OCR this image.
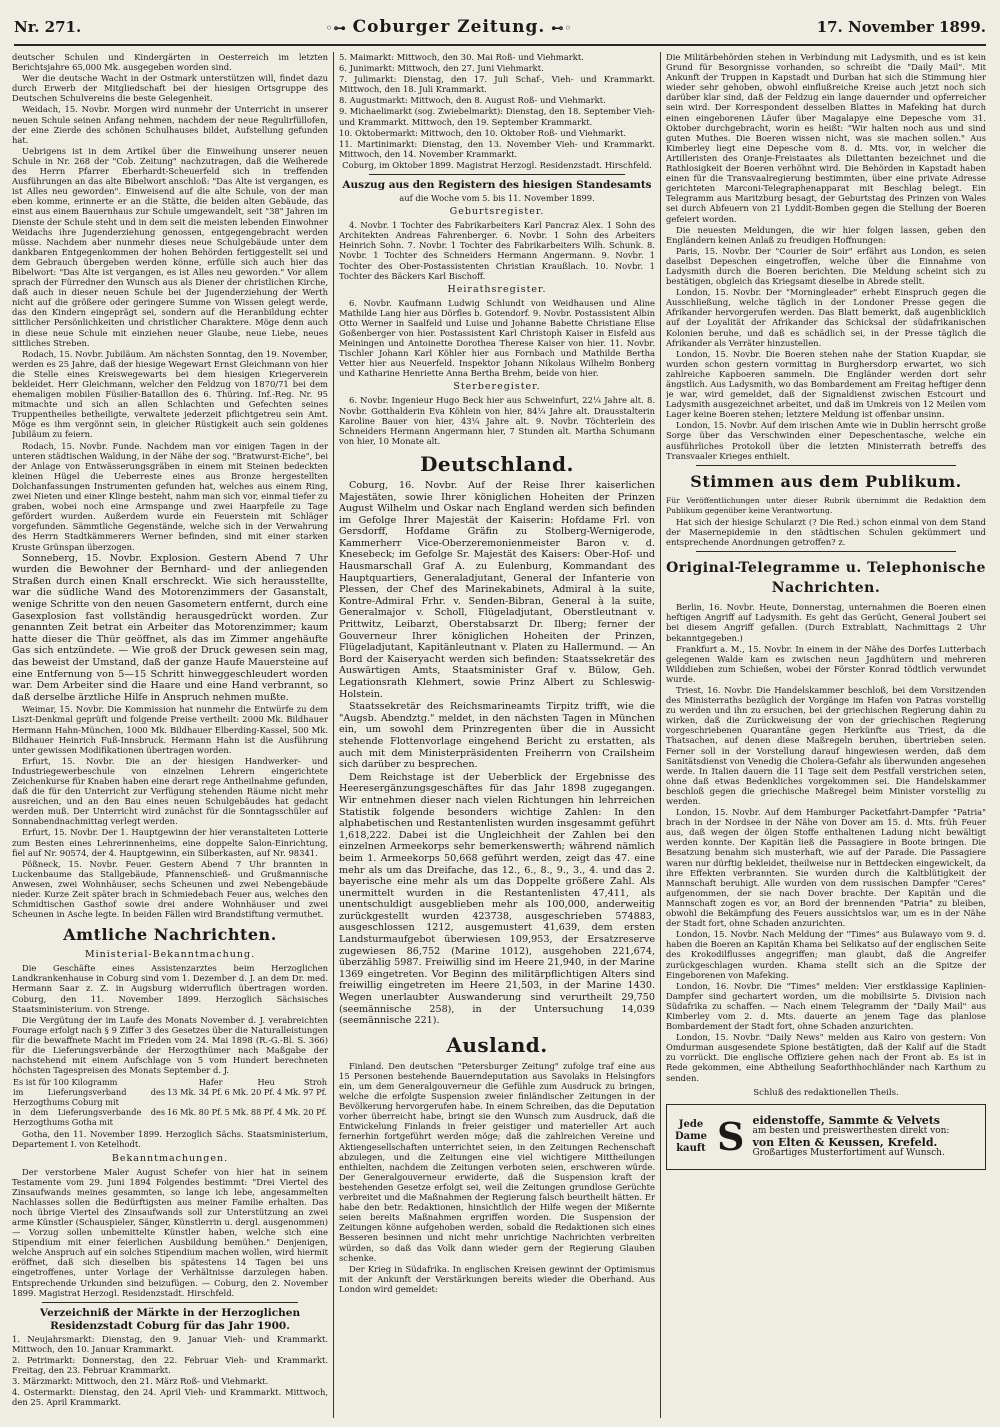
Nr. 271.	◦⊶ Coburger Zeitung. ⊷◦	17. November 1899.

deutscher Schulen und Kindergärten in Oesterreich im letzten Berichtsjahre 65,000 Mk. ausgegeben worden sind.

Wer die deutsche Wacht in der Ostmark unterstützen will, findet dazu durch Erwerb der Mitgliedschaft bei der hiesigen Ortsgruppe des Deutschen Schulvereins die beste Gelegenheit.

Weidach, 15. Novbr. Morgen wird nunmehr der Unterricht in unserer neuen Schule seinen Anfang nehmen, nachdem der neue Regulirfüllofen, der eine Zierde des schönen Schulhauses bildet, Aufstellung gefunden hat.

Uebrigens ist in dem Artikel über die Einweihung unserer neuen Schule in Nr. 268 der "Cob. Zeitung" nachzutragen, daß die Weiherede des Herrn Pfarrer Eberhardt-Scheuerfeld sich in treffenden Ausführungen an das alte Bibelwort anschloß: "Das Alte ist vergangen, es ist Alles neu geworden". Einweisend auf die alte Schule, von der man eben komme, erinnerte er an die Stätte, die beiden alten Gebäude, das einst aus einem Bauernhaus zur Schule umgewandelt, seit "38" Jahren im Dienste der Schule steht und in dem seit die meisten lebenden Einwohner Weidachs ihre Jugenderziehung genossen, entgegengebracht werden müsse. Nachdem aber nunmehr dieses neue Schulgebäude unter dem dankbaren Entgegenkommen der hohen Behörden fertiggestellt sei und dem Gebrauch übergeben werden könne, erfülle sich auch hier das Bibelwort: "Das Alte ist vergangen, es ist Alles neu geworden." Vor allem sprach der Fürredner den Wunsch aus als Diener der christlichen Kirche, daß auch in dieser neuen Schule bei der Jugenderziehung der Werth nicht auf die größere oder geringere Summe von Wissen gelegt werde, das den Kindern eingeprägt sei, sondern auf die Heranbildung echter sittlicher Persönlichkeiten und christlicher Charaktere. Möge denn auch in diese neue Schule mit einziehen neuer Glaube, neue Liebe, neues sittliches Streben.

Rodach, 15. Novbr. Jubiläum. Am nächsten Sonntag, den 19. November, werden es 25 Jahre, daß der hiesige Wegewart Ernst Gleichmann von hier die Stelle eines Kreiswegewarts bei dem hiesigen Kriegerverein bekleidet. Herr Gleichmann, welcher den Feldzug von 1870/71 bei dem ehemaligen mobilen Füsilier-Bataillon des 6. Thüring. Inf.-Reg. Nr. 95 mitmachte und sich an allen Schlachten und Gefechten seines Truppentheiles betheiligte, verwaltete jederzeit pflichtgetreu sein Amt. Möge es ihm vergönnt sein, in gleicher Rüstigkeit auch sein goldenes Jubiläum zu feiern.

Rodach, 15. Novbr. Funde. Nachdem man vor einigen Tagen in der unteren städtischen Waldung, in der Nähe der sog. "Bratwurst-Eiche", bei der Anlage von Entwässerungsgräben in einem mit Steinen bedeckten kleinen Hügel die Ueberreste eines aus Bronze hergestellten Dolchanfassungen Instrumenten gefunden hat, welches aus einem Ring, zwei Nieten und einer Klinge besteht, nahm man sich vor, einmal tiefer zu graben, wobei noch eine Armspange und zwei Haarpfeile zu Tage gefördert wurden. Außerdem wurde ein Feuerstein mit Schläger vorgefunden. Sämmtliche Gegenstände, welche sich in der Verwahrung des Herrn Stadtkämmerers Werner befinden, sind mit einer starken Kruste Grünspan überzogen.

Sonneberg, 15. Novbr. Explosion. Gestern Abend 7 Uhr wurden die Bewohner der Bernhard- und der anliegenden Straßen durch einen Knall erschreckt. Wie sich herausstellte, war die südliche Wand des Motorenzimmers der Gasanstalt, wenige Schritte von den neuen Gasometern entfernt, durch eine Gasexplosion fast vollständig herausgedrückt worden. Zur genannten Zeit betrat ein Arbeiter das Motorenzimmer; kaum hatte dieser die Thür geöffnet, als das im Zimmer angehäufte Gas sich entzündete. — Wie groß der Druck gewesen sein mag, das beweist der Umstand, daß der ganze Haufe Mauersteine auf eine Entfernung von 5—15 Schritt hinweggeschleudert worden war. Dem Arbeiter sind die Haare und eine Hand verbrannt, so daß derselbe ärztliche Hilfe in Anspruch nehmen mußte.

Weimar, 15. Novbr. Die Kommission hat nunmehr die Entwürfe zu dem Liszt-Denkmal geprüft und folgende Preise vertheilt: 2000 Mk. Bildhauer Hermann Hahn-München, 1000 Mk. Bildhauer Elberding-Kassel, 500 Mk. Bildhauer Heinrich Fuß-Innsbruck. Hermann Hahn ist die Ausführung unter gewissen Modifikationen übertragen worden.

Erfurt, 15. Novbr. Die an der hiesigen Handwerker- und Industriegewerbeschule von einzelnen Lehrern eingerichtete Zeichenkurse für Knaben haben eine derart rege Antheilnahme gefunden, daß die für den Unterricht zur Verfügung stehenden Räume nicht mehr ausreichen, und an den Bau eines neuen Schulgebäudes hat gedacht werden muß. Der Unterricht wird zunächst für die Sonntagsschüler auf Sonnabendnachmittag verlegt werden.

Erfurt, 15. Novbr. Der 1. Hauptgewinn der hier veranstalteten Lotterie zum Besten eines Lehrerinnenheims, eine doppelte Salon-Einrichtung, fiel auf Nr. 90574, der 4. Hauptgewinn, ein Silberkasten, auf Nr. 98341.

Pößneck, 15. Novbr. Feuer. Gestern Abend 7 Uhr brannten in Luckenbaume das Stallgebäude, Pfannenschieß- und Grußmannische Anwesen, zwei Wohnhäuser, sechs Scheunen und zwei Nebengebäude nieder. Kurze Zeit später brach in Schmiedebach Feuer aus, welches den Schmidtischen Gasthof sowie drei andere Wohnhäuser und zwei Scheunen in Asche legte. In beiden Fällen wird Brandstiftung vermuthet.

Amtliche Nachrichten.
Ministerial-Bekanntmachung.

Die Geschäfte eines Assistenzarztes beim Herzoglichen Landkrankenhause in Coburg sind vom 1. Dezember d. J. an dem Dr. med. Hermann Saar z. Z. in Augsburg widerruflich übertragen worden. Coburg, den 11. November 1899. Herzoglich Sächsisches Staatsministerium. von Strenge.

Die Vergütung der im Laufe des Monats November d. J. verabreichten Fourage erfolgt nach § 9 Ziffer 3 des Gesetzes über die Naturalleistungen für die bewaffnete Macht im Frieden vom 24. Mai 1898 (R.-G.-Bl. S. 366) für die Lieferungsverbände der Herzogthümer nach Maßgabe der nachstehend mit einem Aufschlage von 5 vom Hundert berechneten höchsten Tagespreisen des Monats September d. J.

Es ist für 100 Kilogramm	Hafer	Heu	Stroh
im Lieferungsverband des Herzogthums Coburg mit	13 Mk. 34 Pf.	6 Mk. 20 Pf.	4 Mk. 97 Pf.
in dem Lieferungsverbande des Herzogthums Gotha mit	16 Mk. 80 Pf.	5 Mk. 88 Pf.	4 Mk. 20 Pf.

Gotha, den 11. November 1899. Herzoglich Sächs. Staatsministerium, Departement I. von Ketelhodt.

Bekanntmachungen.

Der verstorbene Maler August Schefer von hier hat in seinem Testamente vom 29. Juni 1894 Folgendes bestimmt: "Drei Viertel des Zinsaufwands meines gesammten, so lange ich lebe, angesammelten Nachlasses sollen die Bedürftigsten aus meiner Familie erhalten. Das noch übrige Viertel des Zinsaufwands soll zur Unterstützung an zwei arme Künstler (Schauspieler, Sänger, Künstlerrin u. dergl. ausgenommen) — Vorzug sollen unbemittelte Künstler haben, welche sich eine Stipendium mit einer feierlichen Ausbildung bemühen." Denjenigen, welche Anspruch auf ein solches Stipendium machen wollen, wird hiermit eröffnet, daß sich dieselben bis spätestens 14 Tagen bei uns eingetroffenes, unter Vorlage der Verhältnisse darzulegen haben. Entsprechende Urkunden sind beizufügen. — Coburg, den 2. November 1899. Magistrat Herzogl. Residenzstadt. Hirschfeld.

Verzeichniß der Märkte in der Herzoglichen Residenzstadt Coburg für das Jahr 1900.

1. Neujahrsmarkt: Dienstag, den 9. Januar Vieh- und Krammarkt. Mittwoch, den 10. Januar Krammarkt.

2. Petrimarkt: Donnerstag, den 22. Februar Vieh- und Krammarkt. Freitag, den 23. Februar Krammarkt.

3. Märzmarkt: Mittwoch, den 21. März Roß- und Viehmarkt.

4. Ostermarkt: Dienstag, den 24. April Vieh- und Krammarkt. Mittwoch, den 25. April Krammarkt.

5. Maimarkt: Mittwoch, den 30. Mai Roß- und Viehmarkt.

6. Junimarkt: Mittwoch, den 27. Juni Viehmarkt.

7. Julimarkt: Dienstag, den 17. Juli Schaf-, Vieh- und Krammarkt. Mittwoch, den 18. Juli Krammarkt.

8. Augustmarkt: Mittwoch, den 8. August Roß- und Viehmarkt.

9. Michaelimarkt (sog. Zwiebelmarkt): Dienstag, den 18. September Vieh- und Krammarkt. Mittwoch, den 19. September Krammarkt.

10. Oktobermarkt: Mittwoch, den 10. Oktober Roß- und Viehmarkt.

11. Martinimarkt: Dienstag, den 13. November Vieh- und Krammarkt. Mittwoch, den 14. November Krammarkt.

Coburg, im Oktober 1899. Magistrat Herzogl. Residenzstadt. Hirschfeld.

Auszug aus den Registern des hiesigen Standesamts

auf die Woche vom 5. bis 11. November 1899.

Geburtsregister.

4. Novbr. 1 Tochter des Fabrikarbeiters Karl Pancraz Alex. 1 Sohn des Architekten Andreas Fahrenberger. 6. Novbr. 1 Sohn des Arbeiters Heinrich Sohn. 7. Novbr. 1 Tochter des Fabrikarbeiters Wilh. Schunk. 8. Novbr. 1 Tochter des Schneiders Hermann Angermann. 9. Novbr. 1 Tochter des Ober-Postassistenten Christian Kraußlach. 10. Novbr. 1 Tochter des Bäckers Karl Bischoff.

Heirathsregister.

6. Novbr. Kaufmann Ludwig Schlundt von Weidhausen und Aline Mathilde Lang hier aus Dörfles b. Gotendorf. 9. Novbr. Postassistent Albin Otto Werner in Saalfeld und Luise und Johanne Babette Christiane Elise Goßenberger von hier. Postassistent Karl Christoph Kaiser in Eisfeld aus Meiningen und Antoinette Dorothea Therese Kaiser von hier. 11. Novbr. Tischler Johann Karl Köhler hier aus Fornbach und Mathilde Bertha Vetter hier aus Neuerfeld. Inspektor Johann Nikolaus Wilhelm Bonberg und Katharine Henriette Anna Bertha Brehm, beide von hier.

Sterberegister.

6. Novbr. Ingenieur Hugo Beck hier aus Schweinfurt, 22¼ Jahre alt. 8. Novbr. Gotthalderin Eva Köhlein von hier, 84¼ Jahre alt. Drausstalterin Karoline Bauer von hier, 43¼ Jahre alt. 9. Novbr. Töchterlein des Schneiders Hermann Angermann hier, 7 Stunden alt. Martha Schumann von hier, 10 Monate alt.

Deutschland.

Coburg, 16. Novbr. Auf der Reise Ihrer kaiserlichen Majestäten, sowie Ihrer königlichen Hoheiten der Prinzen August Wilhelm und Oskar nach England werden sich befinden im Gefolge Ihrer Majestät der Kaiserin: Hofdame Frl. von Gersdorff, Hofdame Gräfin zu Stolberg-Wernigerode, Kammerherr Vice-Oberzeremonienmeister Baron v. d. Knesebeck; im Gefolge Sr. Majestät des Kaisers: Ober-Hof- und Hausmarschall Graf A. zu Eulenburg, Kommandant des Hauptquartiers, Generaladjutant, General der Infanterie von Plessen, der Chef des Marinekabinets, Admiral à la suite, Kontre-Admiral Frhr. v. Senden-Bibran, General à la suite, Generalmajor v. Scholl, Flügeladjutant, Oberstleutnant v. Prittwitz, Leibarzt, Oberstabsarzt Dr. Ilberg; ferner der Gouverneur Ihrer königlichen Hoheiten der Prinzen, Flügeladjutant, Kapitänleutnant v. Platen zu Hallermund. — An Bord der Kaiseryacht werden sich befinden: Staatssekretär des Auswärtigen Amts, Staatsminister Graf v. Bülow, Geh. Legationsrath Klehmert, sowie Prinz Albert zu Schleswig-Holstein.

Staatssekretär des Reichsmarineamts Tirpitz trifft, wie die "Augsb. Abendztg." meldet, in den nächsten Tagen in München ein, um sowohl dem Prinzregenten über die in Aussicht stehende Flottenvorlage eingehend Bericht zu erstatten, als auch mit dem Ministerpräsidenten Freiherrn von Crailsheim sich darüber zu besprechen.

Dem Reichstage ist der Ueberblick der Ergebnisse des Heeresergänzungsgeschäftes für das Jahr 1898 zugegangen. Wir entnehmen dieser nach vielen Richtungen hin lehrreichen Statistik folgende besonders wichtige Zahlen: In den alphabetischen und Restantenlisten wurden insgesammt geführt 1,618,222. Dabei ist die Ungleichheit der Zahlen bei den einzelnen Armeekorps sehr bemerkenswerth; während nämlich beim 1. Armeekorps 50,668 geführt werden, zeigt das 47. eine mehr als um das Dreifache, das 12., 6., 8., 9., 3., 4. und das 2. bayerische eine mehr als um das Doppelte größere Zahl. Als unermittelt wurden in die Restantenlisten 47,411, als unentschuldigt ausgeblieben mehr als 100,000, anderweitig zurückgestellt wurden 423738, ausgeschrieben 574883, ausgeschlossen 1212, ausgemustert 41,639, dem ersten Landsturmaufgebot überwiesen 109,953, der Ersatzreserve zugewiesen 86,752 (Marine 1012), ausgehoben 221,674, überzählig 5987. Freiwillig sind im Heere 21,940, in der Marine 1369 eingetreten. Vor Beginn des militärpflichtigen Alters sind freiwillig eingetreten im Heere 21,503, in der Marine 1430. Wegen unerlaubter Auswanderung sind verurtheilt 29,750 (seemännische 258), in der Untersuchung 14,039 (seemännische 221).

Ausland.

Finland. Den deutschen "Petersburger Zeitung" zufolge traf eine aus 15 Personen bestehende Bauerndeputation aus Savolaks in Helsingfors ein, um dem Generalgouverneur die Gefühle zum Ausdruck zu bringen, welche die erfolgte Suspension zweier finländischer Zeitungen in der Bevölkerung hervorgerufen habe. In einem Schreiben, das die Deputation vorher überreicht habe, bringt sie den Wunsch zum Ausdruck, daß die Entwickelung Finlands in freier geistiger und materieller Art auch fernerhin fortgeführt werden möge; daß die zahlreichen Vereine und Aktiengesellschaften unterrichtet seien, in den Zeitungen Rechenschaft abzulegen, und die Zeitungen eine viel wichtigere Mittheilungen enthielten, nachdem die Zeitungen verboten seien, erschweren würde. Der Generalgouverneur erwiderte, daß die Suspension kraft der bestehenden Gesetze erfolgt sei, weil die Zeitungen grundlose Gerüchte verbreitet und die Maßnahmen der Regierung falsch beurtheilt hätten. Er habe den betr. Redaktionen, hinsichtlich der Hilfe wegen der Mißernte seien bereits Maßnahmen ergriffen worden. Die Suspension der Zeitungen könne aufgehoben werden, sobald die Redaktionen sich eines Besseren besinnen und nicht mehr unrichtige Nachrichten verbreiten würden, so daß das Volk dann wieder gern der Regierung Glauben schenke.

Der Krieg in Südafrika. In englischen Kreisen gewinnt der Optimismus mit der Ankunft der Verstärkungen bereits wieder die Oberhand. Aus London wird gemeldet:

Die Militärbehörden stehen in Verbindung mit Ladysmith, und es ist kein Grund für Besorgnisse vorhanden, so schreibt die "Daily Mail". Mit Ankunft der Truppen in Kapstadt und Durban hat sich die Stimmung hier wieder sehr gehoben, obwohl einflußreiche Kreise auch jetzt noch sich darüber klar sind, daß der Feldzug ein lange dauernder und opferreicher sein wird. Der Korrespondent desselben Blattes in Mafeking hat durch einen eingeborenen Läufer über Magalapye eine Depesche vom 31. Oktober durchgebracht, worin es heißt: "Wir halten noch aus und sind guten Muthes. Die Boeren wissen nicht, was sie machen sollen." Aus Kimberley liegt eine Depesche vom 8. d. Mts. vor, in welcher die Artilleristen des Oranje-Freistaates als Dilettanten bezeichnet und die Rathlosigkeit der Boeren verhöhnt wird. Die Behörden in Kapstadt haben einen für die Transvaalregierung bestimmten, über eine private Adresse gerichteten Marconi-Telegraphenapparat mit Beschlag belegt. Ein Telegramm aus Maritzburg besagt, der Geburtstag des Prinzen von Wales sei durch Abfeuern von 21 Lyddit-Bomben gegen die Stellung der Boeren gefeiert worden.

Die neuesten Meldungen, die wir hier folgen lassen, geben den Engländern keinen Anlaß zu freudigen Hoffnungen:

Paris, 15. Novbr. Der "Courier de Soir" erfährt aus London, es seien daselbst Depeschen eingetroffen, welche über die Einnahme von Ladysmith durch die Boeren berichten. Die Meldung scheint sich zu bestätigen, obgleich das Kriegsamt dieselbe in Abrede stellt.

London, 15. Novbr. Der "Morningleader" erhebt Einspruch gegen die Ausschließung, welche täglich in der Londoner Presse gegen die Afrikander hervorgerufen werden. Das Blatt bemerkt, daß augenblicklich auf der Loyalität der Afrikander das Schicksal der südafrikanischen Kolonien beruhe, und daß es schädlich sei, in der Presse täglich die Afrikander als Verräter hinzustellen.

London, 15. Novbr. Die Boeren stehen nahe der Station Kuapdar, sie wurden schon gestern vormittag in Burghersdorp erwartet, wo sich zahlreiche Kapboeren sammeln. Die Engländer werden dort sehr ängstlich. Aus Ladysmith, wo das Bombardement am Freitag heftiger denn je war, wird gemeldet, daß der Signaldienst zwischen Estcourt und Ladysmith ausgezeichnet arbeitet, und daß im Umkreis von 12 Meilen vom Lager keine Boeren stehen; letztere Meldung ist offenbar unsinn.

London, 15. Novbr. Auf dem irischen Amte wie in Dublin herrscht große Sorge über das Verschwinden einer Depeschentasche, welche ein ausführliches Protokoll über die letzten Ministerrath betreffs des Transvaaler Krieges enthielt.

Stimmen aus dem Publikum.

Für Veröffentlichungen unter dieser Rubrik übernimmt die Redaktion dem Publikum gegenüber keine Verantwortung.

Hat sich der hiesige Schularzt (? Die Red.) schon einmal von dem Stand der Masernepidemie in den städtischen Schulen gekümmert und entsprechende Anordnungen getroffen? z.

Original-Telegramme u. Telephonische Nachrichten.

Berlin, 16. Novbr. Heute, Donnerstag, unternahmen die Boeren einen heftigen Angriff auf Ladysmith. Es geht das Gerücht, General Joubert sei bei diesem Angriff gefallen. (Durch Extrablatt, Nachmittags 2 Uhr bekanntgegeben.)

Frankfurt a. M., 15. Novbr. In einem in der Nähe des Dorfes Lutterbach gelegenen Walde kam es zwischen neun Jagdhütern und mehreren Wilddieben zum Schießen, wobei der Förster Konrad tödtlich verwundet wurde.

Triest, 16. Novbr. Die Handelskammer beschloß, bei dem Vorsitzenden des Ministerraths bezüglich der Vorgänge im Hafen von Patras vorstellig zu werden und ihn zu ersuchen, bei der griechischen Regierung dahin zu wirken, daß die Zurückweisung der von der griechischen Regierung vorgeschriebenen Quarantäne gegen Herkünfte aus Triest, da die Thatsachen, auf denen diese Maßregeln beruhen, übertrieben seien. Ferner soll in der Vorstellung darauf hingewiesen werden, daß dem Sanitätsdienst von Venedig die Cholera-Gefahr als überwunden angesehen werde. In Italien dauern die 11 Tage seit dem Pestfall verstrichen seien, ohne daß etwas Bedenkliches vorgekommen sei. Die Handelskammer beschloß gegen die griechische Maßregel beim Minister vorstellig zu werden.

London, 15. Novbr. Auf dem Hamburger Packetfahrt-Dampfer "Patria" brach in der Nordsee in der Nähe von Dover am 15. d. Mts. früh Feuer aus, daß wegen der ölgen Stoffe enthaltenen Ladung nicht bewältigt werden konnte. Der Kapitän ließ die Passagiere in Boote bringen. Die Besatzung benahm sich musterhaft, wie auf der Parade. Die Passagiere waren nur dürftig bekleidet, theilweise nur in Bettdecken eingewickelt, da ihre Effekten verbrannten. Sie wurden durch die Kaltblütigkeit der Mannschaft beruhigt. Alle wurden von dem russischen Dampfer "Ceres" aufgenommen, der sie nach Dover brachte. Der Kapitän und die Mannschaft zogen es vor, an Bord der brennenden "Patria" zu bleiben, obwohl die Bekämpfung des Feuers aussichtslos war, um es in der Nähe der Stadt fort, ohne Schaden anzurichten.

London, 15. Novbr. Nach Meldung der "Times" aus Bulawayo vom 9. d. haben die Boeren an Kapitän Khama bei Selikatso auf der englischen Seite des Krokodilflusses angegriffen; man glaubt, daß die Angreifer zurückgeschlagen wurden. Khama stellt sich an die Spitze der Eingeborenen von Mafeking.

London, 16. Novbr. Die "Times" melden: Vier erstklassige Kaplinien-Dampfer sind gechartert worden, um die mobilisirte 5. Division nach Südafrika zu schaffen. — Nach einem Telegramm der "Daily Mail" aus Kimberley vom 2. d. Mts. dauerte an jenem Tage das planlose Bombardement der Stadt fort, ohne Schaden anzurichten.

London, 15. Novbr. "Daily News" melden aus Kairo von gestern: Von Omdurman ausgesendete Spione bestätigten, daß der Kalif auf die Stadt zu vorrückt. Die englische Offiziere gehen nach der Front ab. Es ist in Rede gekommen, eine Abtheilung Seaforthhochländer nach Karthum zu senden.

Schluß des redaktionellen Theils.
Jede Dame kauft S eidenstoffe, Sammte & Velvets
am besten und preiswerthesten direkt von:
von Elten & Keussen, Krefeld.
Großartiges Musterfortiment auf Wunsch.
